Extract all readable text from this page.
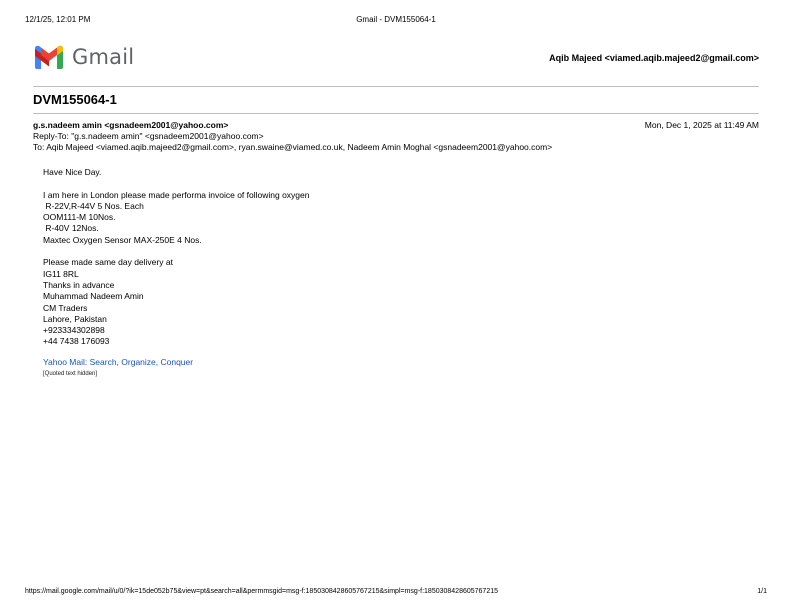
12/1/25, 12:01 PM	Gmail - DVM155064-1
Gmail	Aqib Majeed <viamed.aqib.majeed2@gmail.com>
DVM155064-1
g.s.nadeem amin <gsnadeem2001@yahoo.com>	Mon, Dec 1, 2025 at 11:49 AM
Reply-To: "g.s.nadeem amin" <gsnadeem2001@yahoo.com>
To: Aqib Majeed <viamed.aqib.majeed2@gmail.com>, ryan.swaine@viamed.co.uk, Nadeem Amin Moghal <gsnadeem2001@yahoo.com>
Have Nice Day.
I am here in London please made performa invoice of following oxygen
R-22V,R-44V 5 Nos. Each
OOM111-M 10Nos.
R-40V 12Nos.
Maxtec Oxygen Sensor MAX-250E 4 Nos.
Please made same day delivery at
IG11 8RL
Thanks in advance
Muhammad Nadeem Amin
CM Traders
Lahore, Pakistan
+923334302898
+44 7438 176093
Yahoo Mail: Search, Organize, Conquer
[Quoted text hidden]
https://mail.google.com/mail/u/0/?ik=15de052b75&view=pt&search=all&permmsgid=msg-f:1850308428605767215&simpl=msg-f:1850308428605767215	1/1
